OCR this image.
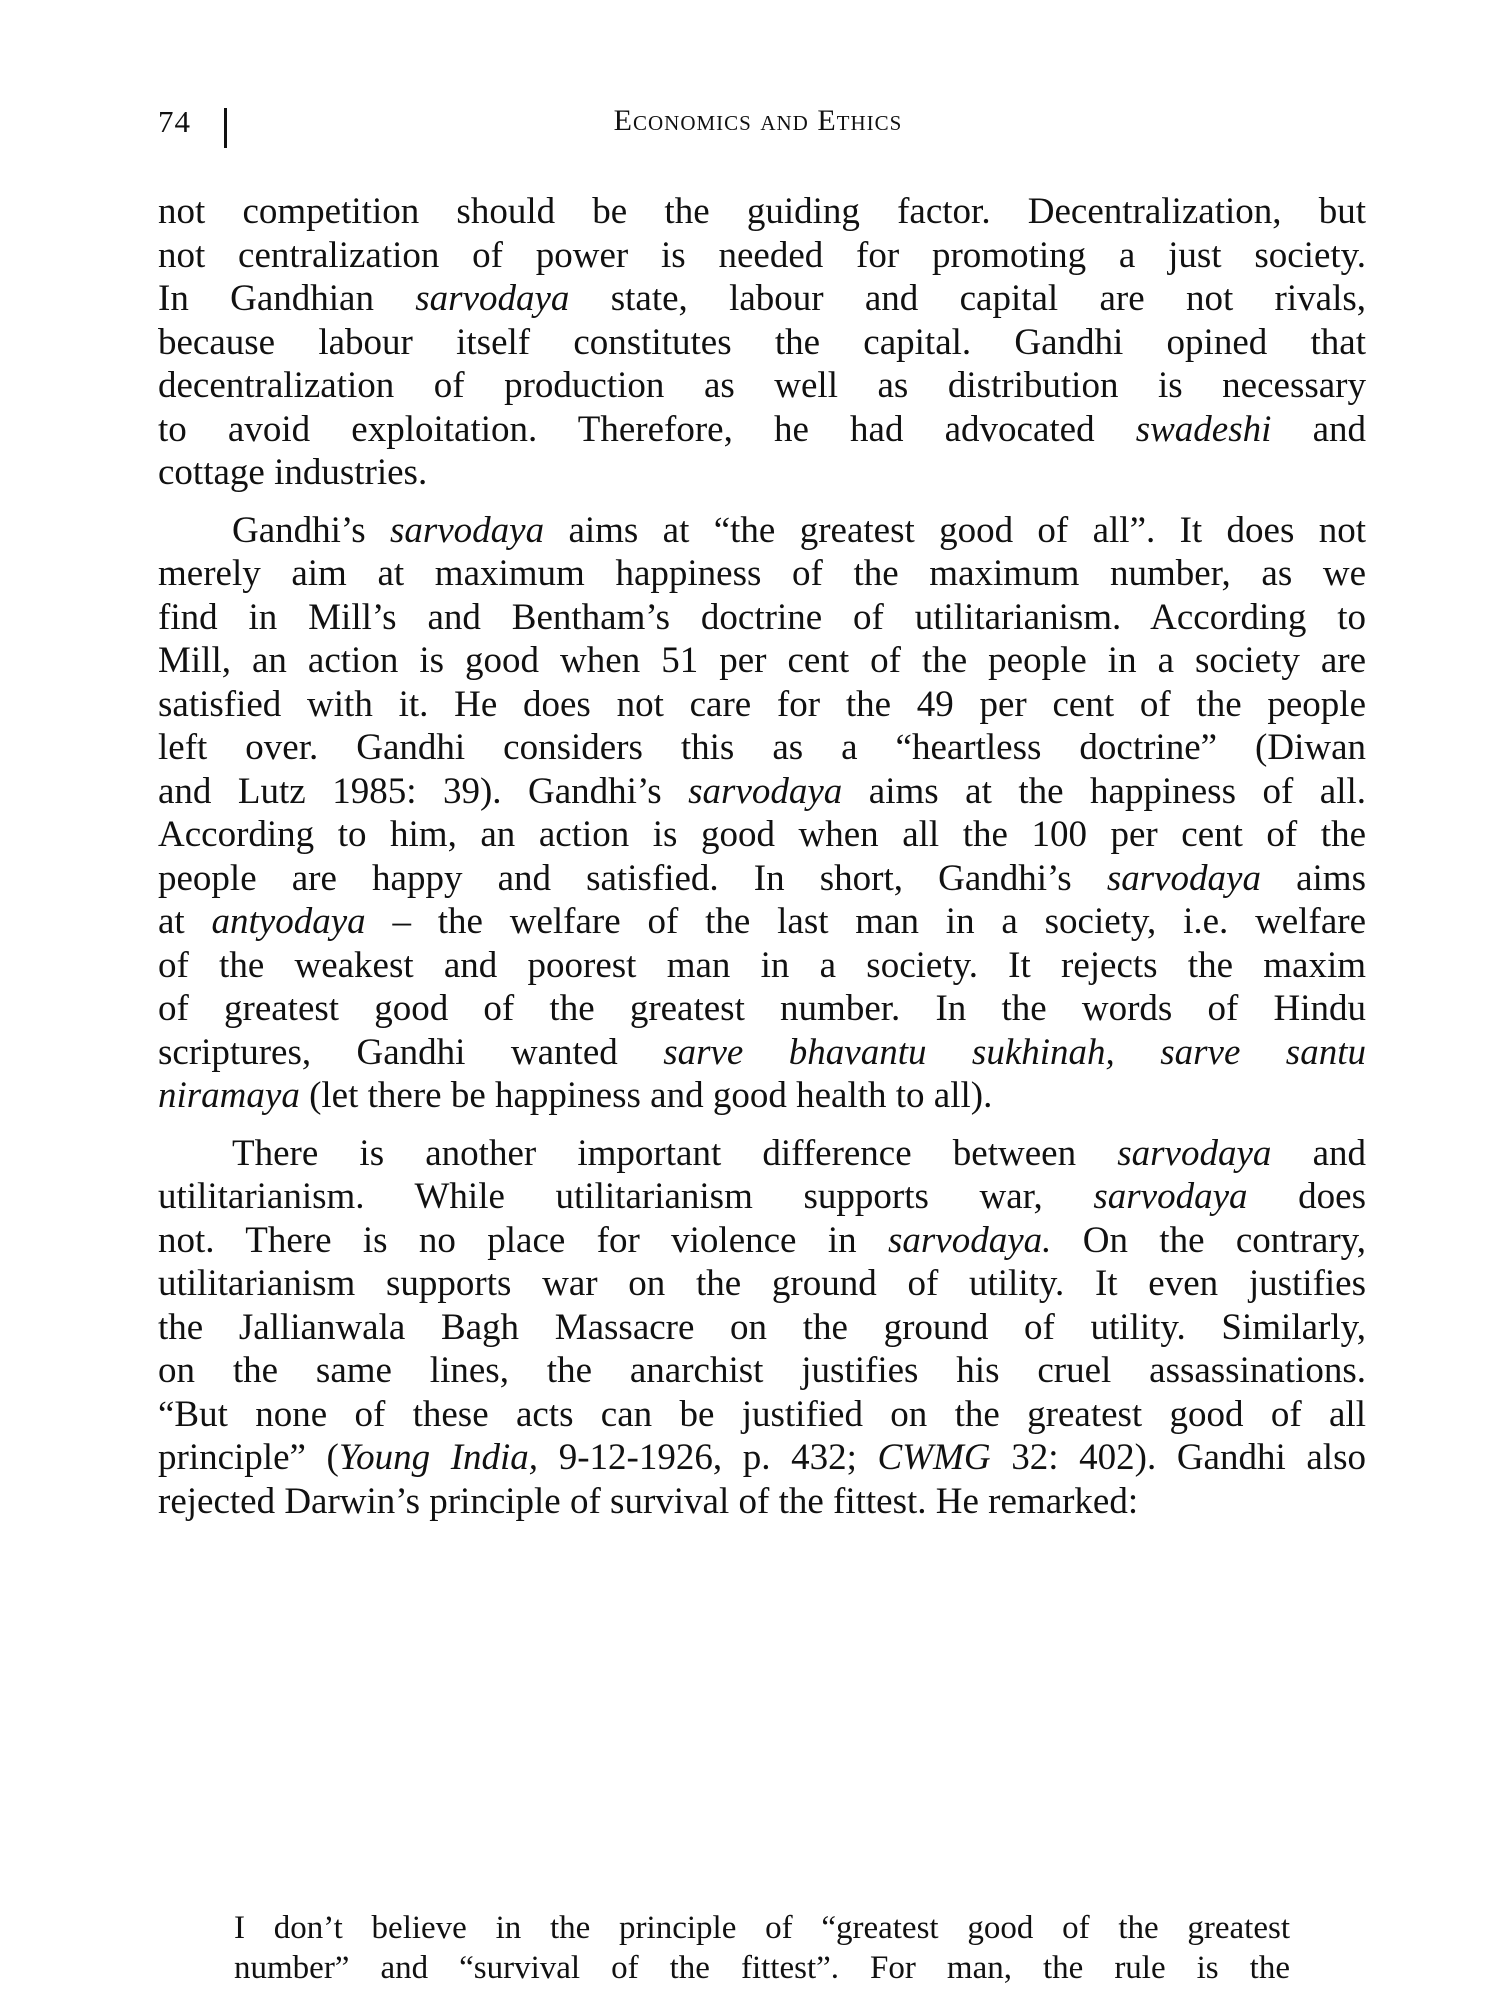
74	Economics and Ethics
not competition should be the guiding factor. Decentralization, but
not centralization of power is needed for promoting a just society.
In Gandhian sarvodaya state, labour and capital are not rivals,
because labour itself constitutes the capital. Gandhi opined that
decentralization of production as well as distribution is necessary
to avoid exploitation. Therefore, he had advocated swadeshi and
cottage industries.
Gandhi’s sarvodaya aims at “the greatest good of all”. It does not
merely aim at maximum happiness of the maximum number, as we
find in Mill’s and Bentham’s doctrine of utilitarianism. According to
Mill, an action is good when 51 per cent of the people in a society are
satisfied with it. He does not care for the 49 per cent of the people
left over. Gandhi considers this as a “heartless doctrine” (Diwan
and Lutz 1985: 39). Gandhi’s sarvodaya aims at the happiness of all.
According to him, an action is good when all the 100 per cent of the
people are happy and satisfied. In short, Gandhi’s sarvodaya aims
at antyodaya – the welfare of the last man in a society, i.e. welfare
of the weakest and poorest man in a society. It rejects the maxim
of greatest good of the greatest number. In the words of Hindu
scriptures, Gandhi wanted sarve bhavantu sukhinah, sarve santu
niramaya (let there be happiness and good health to all).
There is another important difference between sarvodaya and
utilitarianism. While utilitarianism supports war, sarvodaya does
not. There is no place for violence in sarvodaya. On the contrary,
utilitarianism supports war on the ground of utility. It even justifies
the Jallianwala Bagh Massacre on the ground of utility. Similarly,
on the same lines, the anarchist justifies his cruel assassinations.
“But none of these acts can be justified on the greatest good of all
principle” (Young India, 9-12-1926, p. 432; CWMG 32: 402). Gandhi also
rejected Darwin’s principle of survival of the fittest. He remarked:
I don’t believe in the principle of “greatest good of the greatest
number” and “survival of the fittest”. For man, the rule is the
